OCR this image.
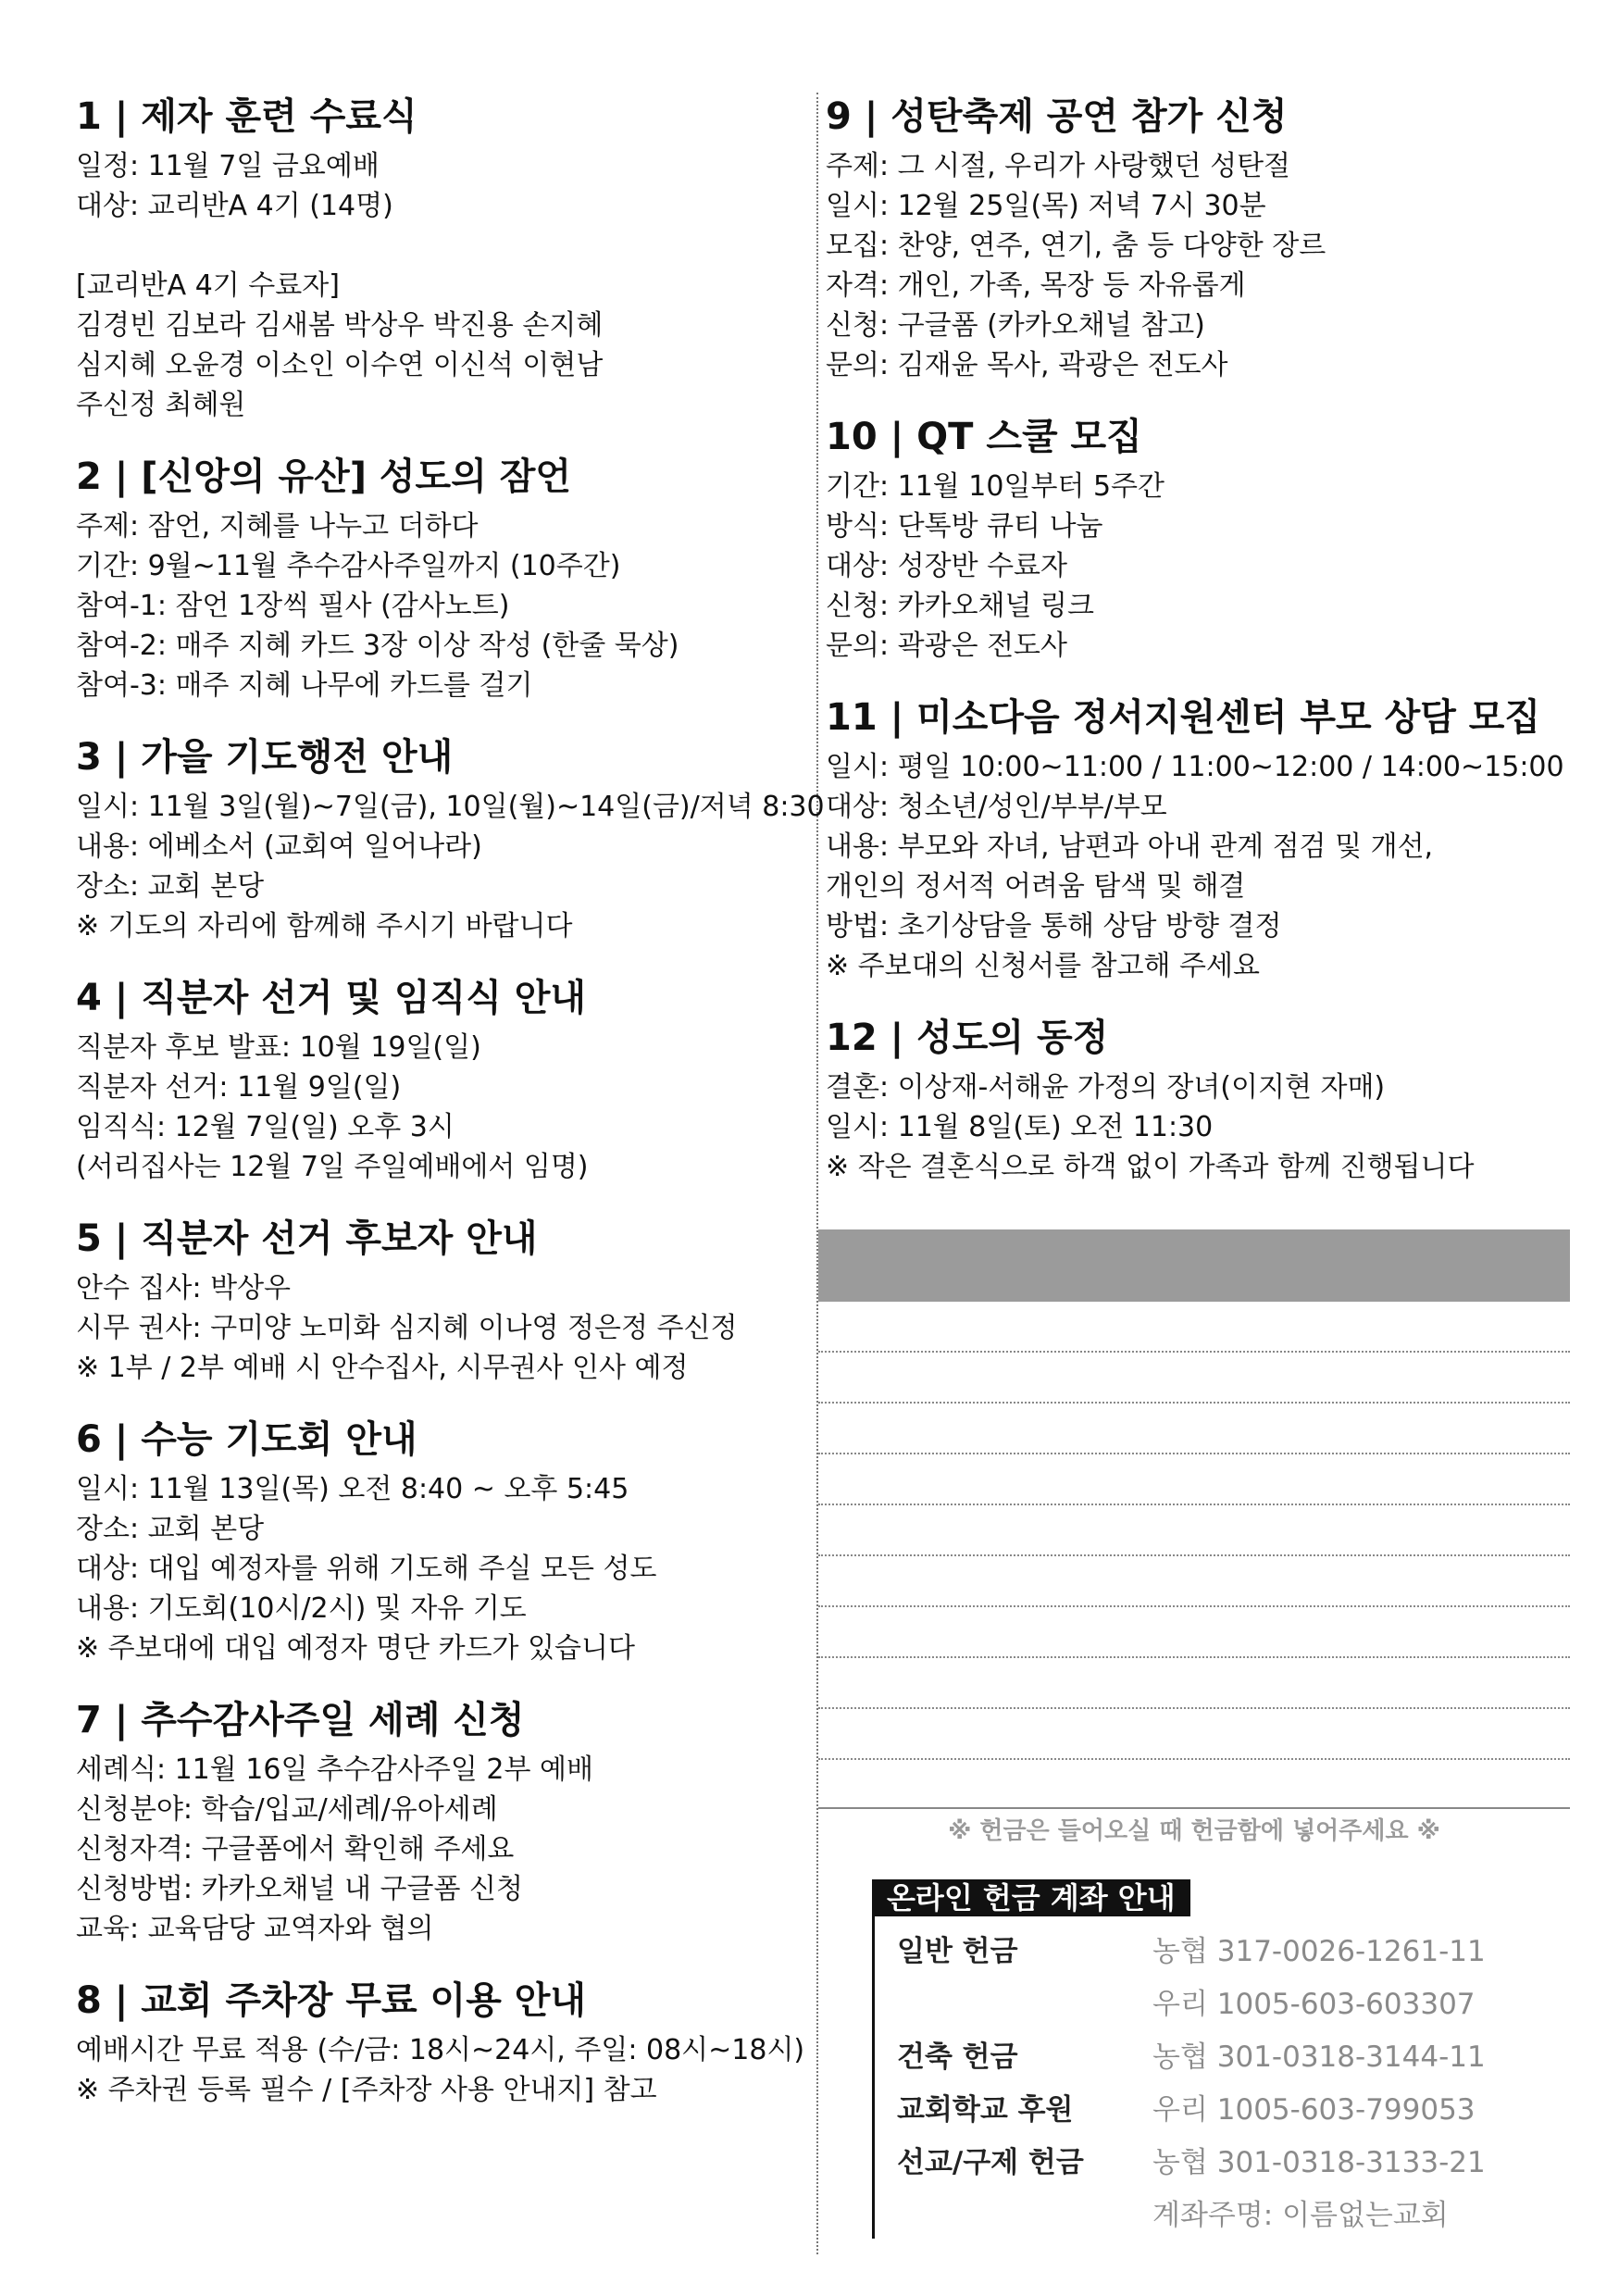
1 | 제자 훈련 수료식
일정: 11월 7일 금요예배
대상: 교리반A 4기 (14명)
[교리반A 4기 수료자]
김경빈 김보라 김새봄 박상우 박진용 손지혜
심지혜 오윤경 이소인 이수연 이신석 이현남
주신정 최혜원
2 | [신앙의 유산] 성도의 잠언
주제: 잠언, 지혜를 나누고 더하다
기간: 9월~11월 추수감사주일까지 (10주간)
참여-1: 잠언 1장씩 필사 (감사노트)
참여-2: 매주 지혜 카드 3장 이상 작성 (한줄 묵상)
참여-3: 매주 지혜 나무에 카드를 걸기
3 | 가을 기도행전 안내
일시: 11월 3일(월)~7일(금), 10일(월)~14일(금)/저녁 8:30
내용: 에베소서 (교회여 일어나라)
장소: 교회 본당
※ 기도의 자리에 함께해 주시기 바랍니다
4 | 직분자 선거 및 임직식 안내
직분자 후보 발표: 10월 19일(일)
직분자 선거: 11월 9일(일)
임직식: 12월 7일(일) 오후 3시
(서리집사는 12월 7일 주일예배에서 임명)
5 | 직분자 선거 후보자 안내
안수 집사: 박상우
시무 권사: 구미양 노미화 심지혜 이나영 정은정 주신정
※ 1부 / 2부 예배 시 안수집사, 시무권사 인사 예정
6 | 수능 기도회 안내
일시: 11월 13일(목) 오전 8:40 ~ 오후 5:45
장소: 교회 본당
대상: 대입 예정자를 위해 기도해 주실 모든 성도
내용: 기도회(10시/2시) 및 자유 기도
※ 주보대에 대입 예정자 명단 카드가 있습니다
7 | 추수감사주일 세례 신청
세례식: 11월 16일 추수감사주일 2부 예배
신청분야: 학습/입교/세례/유아세례
신청자격: 구글폼에서 확인해 주세요
신청방법: 카카오채널 내 구글폼 신청
교육: 교육담당 교역자와 협의
8 | 교회 주차장 무료 이용 안내
예배시간 무료 적용 (수/금: 18시~24시, 주일: 08시~18시)
※ 주차권 등록 필수 / [주차장 사용 안내지] 참고
9 | 성탄축제 공연 참가 신청
주제: 그 시절, 우리가 사랑했던 성탄절
일시: 12월 25일(목) 저녁 7시 30분
모집: 찬양, 연주, 연기, 춤 등 다양한 장르
자격: 개인, 가족, 목장 등 자유롭게
신청: 구글폼 (카카오채널 참고)
문의: 김재윤 목사, 곽광은 전도사
10 | QT 스쿨 모집
기간: 11월 10일부터 5주간
방식: 단톡방 큐티 나눔
대상: 성장반 수료자
신청: 카카오채널 링크
문의: 곽광은 전도사
11 | 미소다음 정서지원센터 부모 상담 모집
일시: 평일 10:00~11:00 / 11:00~12:00 / 14:00~15:00
대상: 청소년/성인/부부/부모
내용: 부모와 자녀, 남편과 아내 관계 점검 및 개선,
개인의 정서적 어려움 탐색 및 해결
방법: 초기상담을 통해 상담 방향 결정
※ 주보대의 신청서를 참고해 주세요
12 | 성도의 동정
결혼: 이상재-서해윤 가정의 장녀(이지현 자매)
일시: 11월 8일(토) 오전 11:30
※ 작은 결혼식으로 하객 없이 가족과 함께 진행됩니다
※ 헌금은 들어오실 때 헌금함에 넣어주세요 ※
온라인 헌금 계좌 안내
일반 헌금	농협 317-0026-1261-11
우리 1005-603-603307
건축 헌금	농협 301-0318-3144-11
교회학교 후원	우리 1005-603-799053
선교/구제 헌금	농협 301-0318-3133-21
계좌주명: 이름없는교회
